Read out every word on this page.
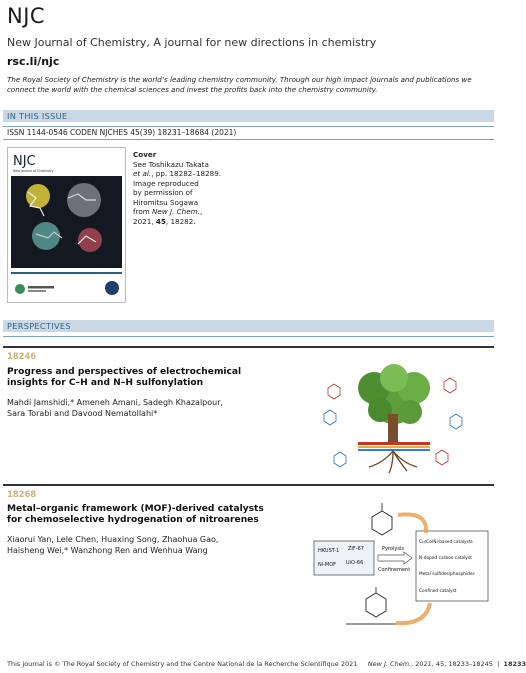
NJC
New Journal of Chemistry, A journal for new directions in chemistry
rsc.li/njc
The Royal Society of Chemistry is the world’s leading chemistry community. Through our high impact journals and publications we connect the world with the chemical sciences and invest the profits back into the chemistry community.
IN THIS ISSUE
ISSN 1144-0546 CODEN NJCHES 45(39) 18231–18684 (2021)
NJC
New Journal of Chemistry
Cover
See Toshikazu Takata
et al., pp. 18282–18289.
Image reproduced
by permission of
Hiromitsu Sogawa
from New J. Chem.,
2021, 45, 18282.
PERSPECTIVES
18246
Progress and perspectives of electrochemical
insights for C–H and N–H sulfonylation
Mahdi Jamshidi,* Ameneh Amani, Sadegh Khazalpour,
Sara Torabi and Davood Nematollahi*
18268
Metal–organic framework (MOF)-derived catalysts
for chemoselective hydrogenation of nitroarenes
Xiaorui Yan, Lele Chen, Huaxing Song, Zhaohua Gao,
Haisheng Wei,* Wanzhong Ren and Wenhua Wang	HKUST-1 ZIF-67
Ni-MOF UiO-66
Pyrolysis
Confinement
Cu/Co/Ni-based catalysts
N-doped carbon catalyst
Metal sulfides/phosphides
Confined catalyst
This journal is © The Royal Society of Chemistry and the Centre National de la Recherche Scientifique 2021 New J. Chem., 2021, 45, 18233–18245  |  18233
